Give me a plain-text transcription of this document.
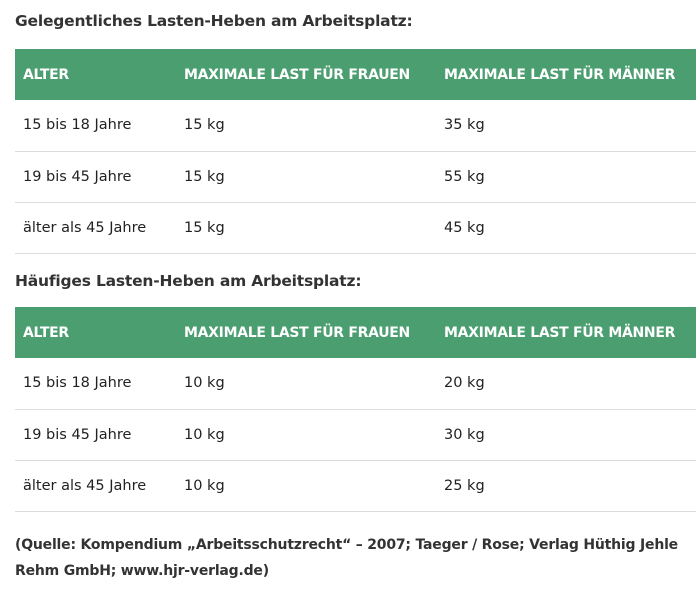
Gelegentliches Lasten-Heben am Arbeitsplatz:
ALTER	MAXIMALE LAST FÜR FRAUEN	MAXIMALE LAST FÜR MÄNNER
15 bis 18 Jahre	15 kg	35 kg
19 bis 45 Jahre	15 kg	55 kg
älter als 45 Jahre	15 kg	45 kg
Häufiges Lasten-Heben am Arbeitsplatz:
ALTER	MAXIMALE LAST FÜR FRAUEN	MAXIMALE LAST FÜR MÄNNER
15 bis 18 Jahre	10 kg	20 kg
19 bis 45 Jahre	10 kg	30 kg
älter als 45 Jahre	10 kg	25 kg

(Quelle: Kompendium „Arbeitsschutzrecht“ – 2007; Taeger / Rose; Verlag Hüthig Jehle Rehm GmbH; www.hjr-verlag.de)
